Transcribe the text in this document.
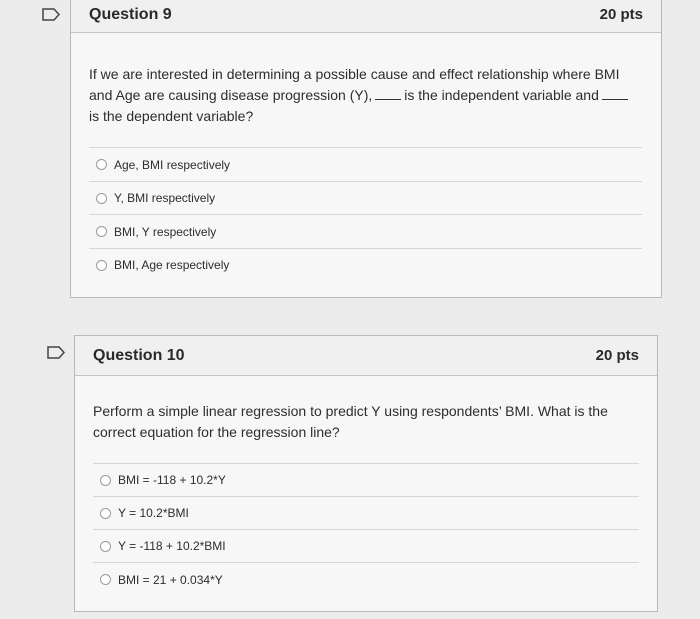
Question 9	20 pts
If we are interested in determining a possible cause and effect relationship where BMI and Age are causing disease progression (Y), is the independent variable and is the dependent variable?
Age, BMI respectively
Y, BMI respectively
BMI, Y respectively
BMI, Age respectively
Question 10	20 pts
Perform a simple linear regression to predict Y using respondents’ BMI. What is the correct equation for the regression line?
BMI = -118 + 10.2*Y
Y = 10.2*BMI
Y = -118 + 10.2*BMI
BMI = 21 + 0.034*Y
